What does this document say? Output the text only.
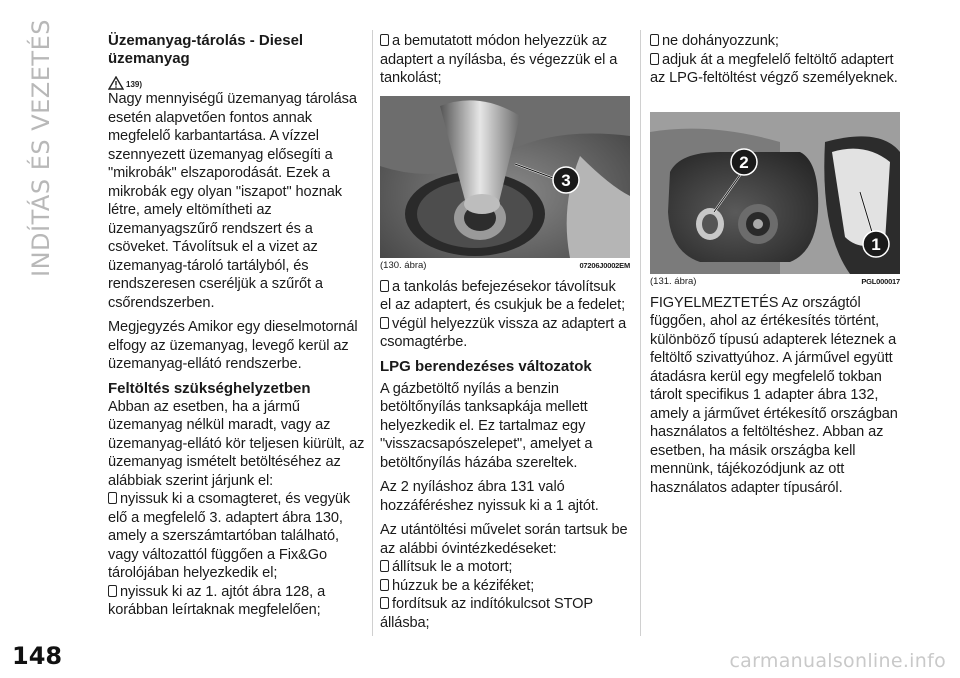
INDÍTÁS ÉS VEZETÉS	Üzemanyag-tárolás - Diesel üzemanyag
139)

Nagy mennyiségű üzemanyag tárolása esetén alapvetően fontos annak megfelelő karbantartása. A vízzel szennyezett üzemanyag elősegíti a "mikrobák" elszaporodását. Ezek a mikrobák egy olyan "iszapot" hoznak létre, amely eltömítheti az üzemanyagszűrő rendszert és a csöveket. Távolítsuk el a vizet az üzemanyag-tároló tartályból, és rendszeresen cseréljük a szűrőt a csőrendszerben.

Megjegyzés Amikor egy dieselmotornál elfogy az üzemanyag, levegő kerül az üzemanyag-ellátó rendszerbe.

Feltöltés szükséghelyzetben

Abban az esetben, ha a jármű üzemanyag nélkül maradt, vagy az üzemanyag-ellátó kör teljesen kiürült, az üzemanyag ismételt betöltéséhez az alábbiak szerint járjunk el:

nyissuk ki a csomagteret, és vegyük elő a megfelelő 3. adaptert ábra 130, amely a szerszámtartóban található, vagy változattól függően a Fix&Go tárolójában helyezkedik el;
nyissuk ki az 1. ajtót ábra 128, a korábban leírtaknak megfelelően;
a bemutatott módon helyezzük az adaptert a nyílásba, és végezzük el a tankolást;
3
(130. ábra)	07206J0002EM
a tankolás befejezésekor távolítsuk el az adaptert, és csukjuk be a fedelet;
végül helyezzük vissza az adaptert a csomagtérbe.
LPG berendezéses változatok

A gázbetöltő nyílás a benzin betöltőnyílás tanksapkája mellett helyezkedik el. Ez tartalmaz egy "visszacsapószelepet", amelyet a betöltőnyílás házába szereltek.

Az 2 nyíláshoz ábra 131 való hozzáféréshez nyissuk ki a 1 ajtót.

Az utántöltési művelet során tartsuk be az alábbi óvintézkedéseket:

állítsuk le a motort;
húzzuk be a kéziféket;
fordítsuk az indítókulcsot STOP állásba;
ne dohányozzunk;
adjuk át a megfelelő feltöltő adaptert az LPG-feltöltést végző személyeknek.
2
1
(131. ábra)	PGL000017

FIGYELMEZTETÉS Az országtól függően, ahol az értékesítés történt, különböző típusú adapterek léteznek a feltöltő szivattyúhoz. A járművel együtt átadásra kerül egy megfelelő tokban tárolt specifikus 1 adapter ábra 132, amely a járművet értékesítő országban használatos a feltöltéshez. Abban az esetben, ha másik országba kell mennünk, tájékozódjunk az ott használatos adapter típusáról.

148	carmanualsonline.info
